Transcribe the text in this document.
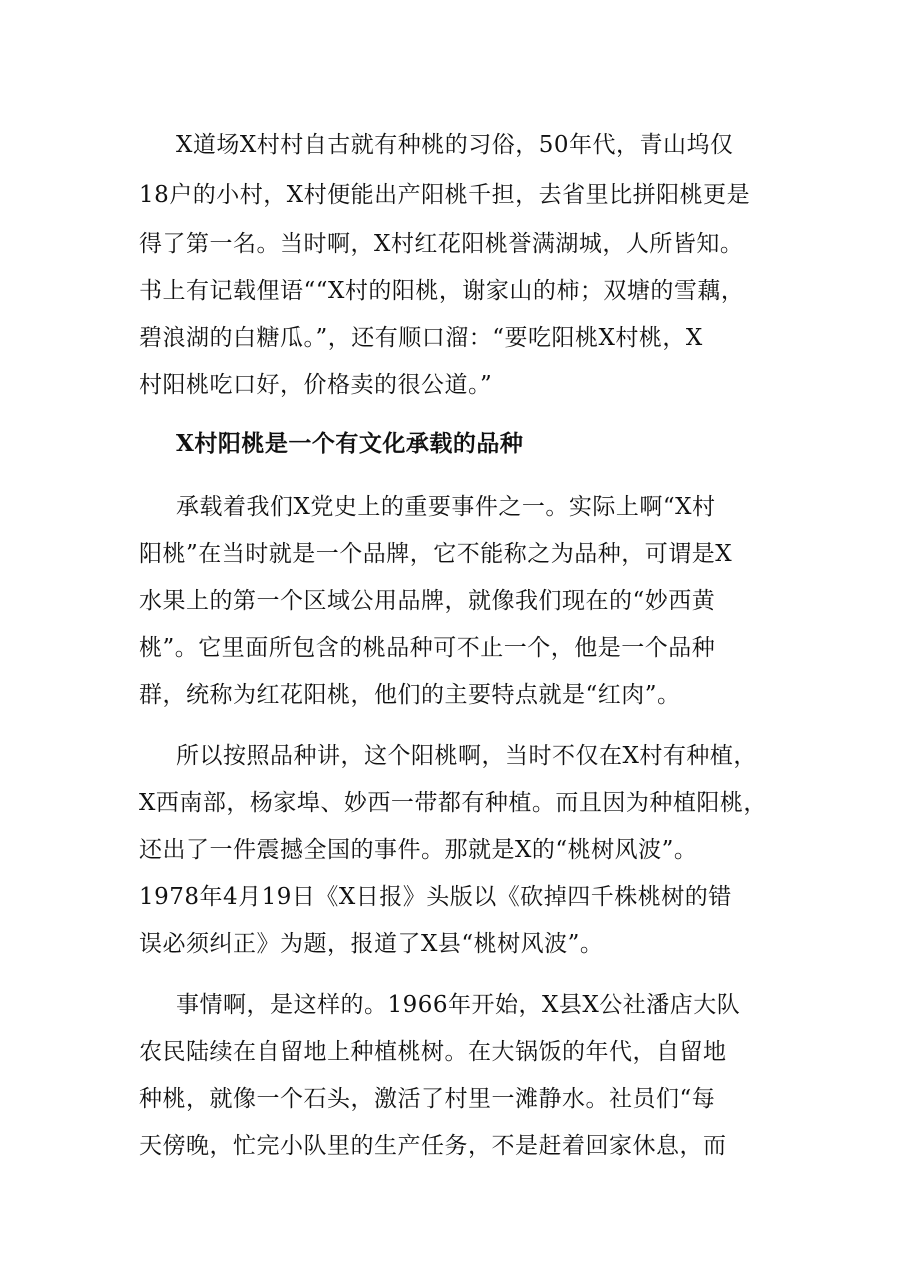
X道场X村村自古就有种桃的习俗，50年代，青山坞仅
18户的小村，X村便能出产阳桃千担，去省里比拼阳桃更是
得了第一名。当时啊，X村红花阳桃誉满湖城，人所皆知。
书上有记载俚语““X村的阳桃，谢家山的柿；双塘的雪藕，
碧浪湖的白糖瓜。”，还有顺口溜：“要吃阳桃X村桃，X
村阳桃吃口好，价格卖的很公道。”
X村阳桃是一个有文化承载的品种
承载着我们X党史上的重要事件之一。实际上啊“X村
阳桃”在当时就是一个品牌，它不能称之为品种，可谓是X
水果上的第一个区域公用品牌，就像我们现在的“妙西黄
桃”。它里面所包含的桃品种可不止一个，他是一个品种
群，统称为红花阳桃，他们的主要特点就是“红肉”。
所以按照品种讲，这个阳桃啊，当时不仅在X村有种植，
X西南部，杨家埠、妙西一带都有种植。而且因为种植阳桃，
还出了一件震撼全国的事件。那就是X的“桃树风波”。
1978年4月19日《X日报》头版以《砍掉四千株桃树的错
误必须纠正》为题，报道了X县“桃树风波”。
事情啊，是这样的。1966年开始，X县X公社潘店大队
农民陆续在自留地上种植桃树。在大锅饭的年代，自留地
种桃，就像一个石头，激活了村里一滩静水。社员们“每
天傍晚，忙完小队里的生产任务，不是赶着回家休息，而
